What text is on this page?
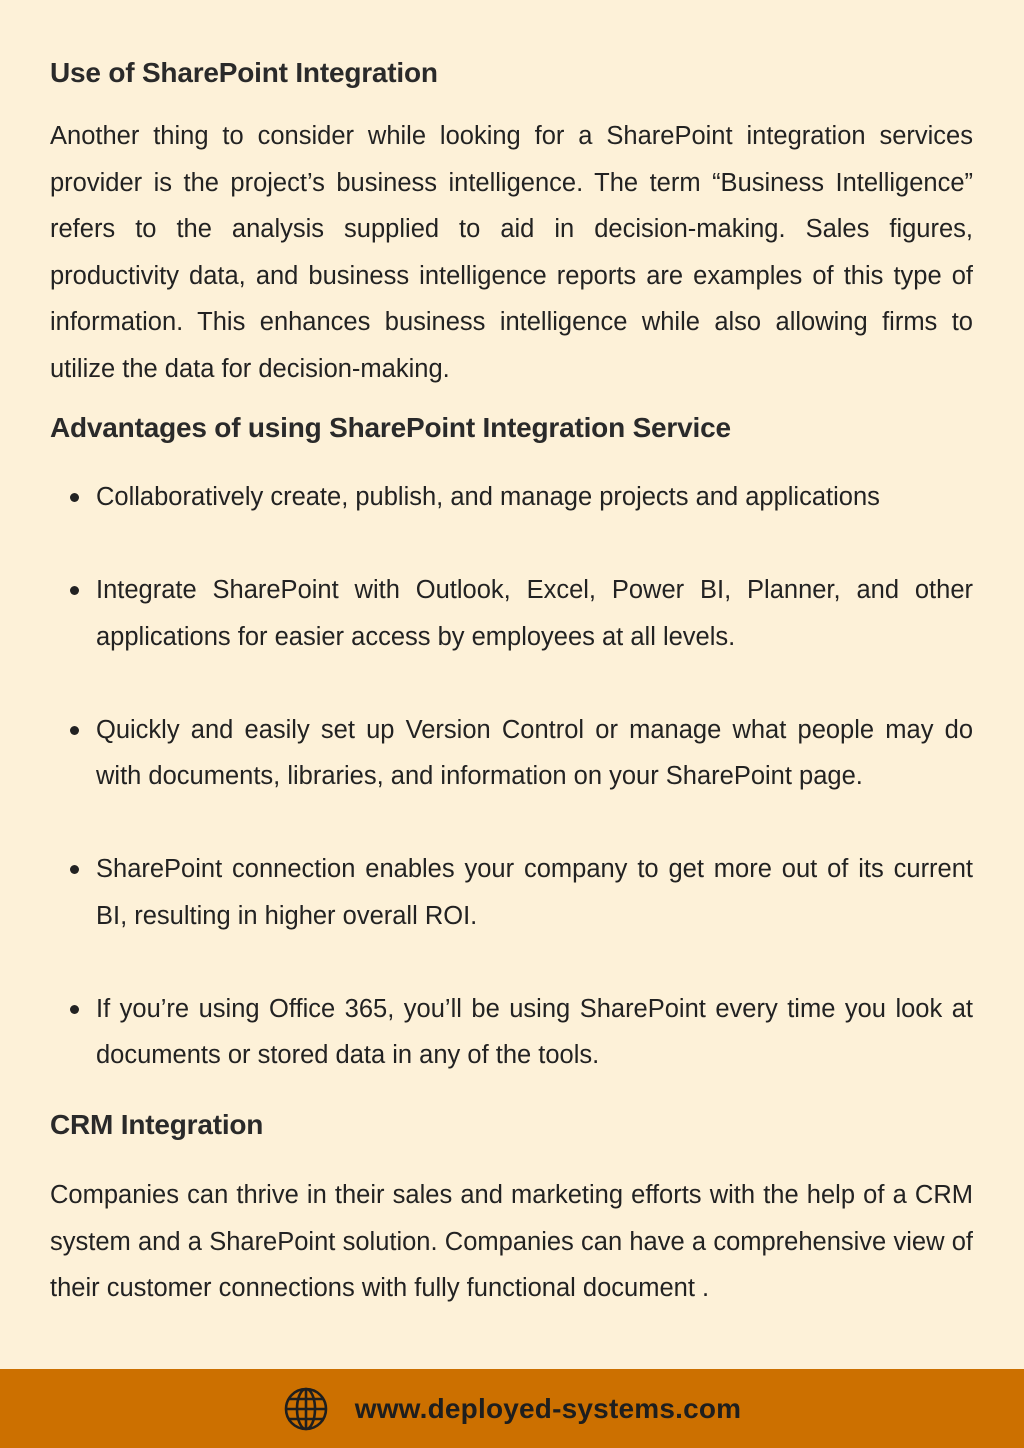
Use of SharePoint Integration

Another thing to consider while looking for a SharePoint integration services provider is the project’s business intelligence. The term “Business Intelligence” refers to the analysis supplied to aid in decision-making. Sales figures, productivity data, and business intelligence reports are examples of this type of information. This enhances business intelligence while also allowing firms to utilize the data for decision-making.

Advantages of using SharePoint Integration Service
Collaboratively create, publish, and manage projects and applications
Integrate SharePoint with Outlook, Excel, Power BI, Planner, and other applications for easier access by employees at all levels.
Quickly and easily set up Version Control or manage what people may do with documents, libraries, and information on your SharePoint page.
SharePoint connection enables your company to get more out of its current BI, resulting in higher overall ROI.
If you’re using Office 365, you’ll be using SharePoint every time you look at documents or stored data in any of the tools.
CRM Integration

Companies can thrive in their sales and marketing efforts with the help of a CRM system and a SharePoint solution. Companies can have a comprehensive view of their customer connections with fully functional document .

www.deployed-systems.com
